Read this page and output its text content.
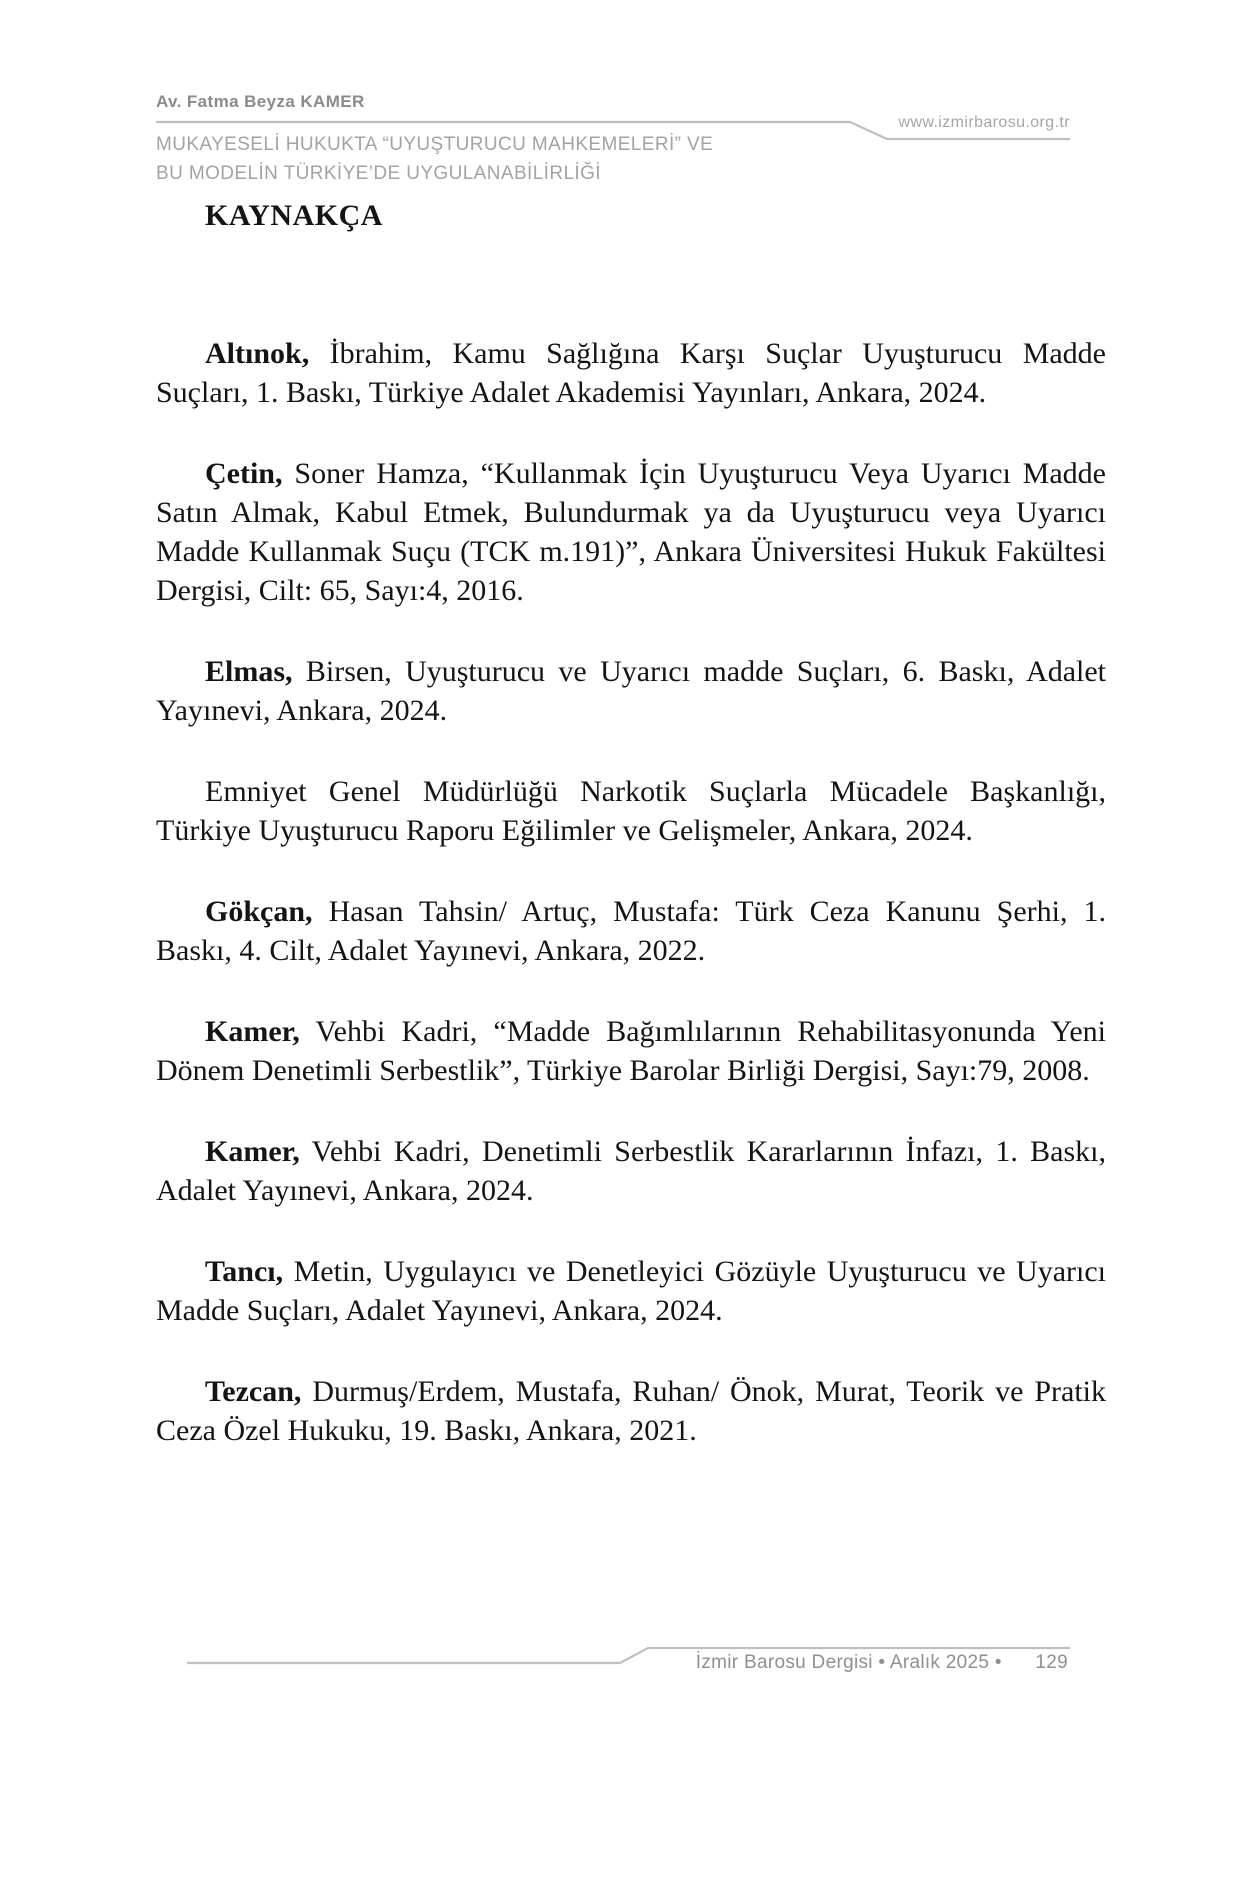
Av. Fatma Beyza KAMER
www.izmirbarosu.org.tr
MUKAYESELİ HUKUKTA “UYUŞTURUCU MAHKEMELERİ” VE
BU MODELİN TÜRKİYE’DE UYGULANABİLİRLİĞİ
KAYNAKÇA

Altınok, İbrahim, Kamu Sağlığına Karşı Suçlar Uyuşturucu Madde Suçları, 1. Baskı, Türkiye Adalet Akademisi Yayınları, Ankara, 2024.

Çetin, Soner Hamza, “Kullanmak İçin Uyuşturucu Veya Uyarıcı Madde Satın Almak, Kabul Etmek, Bulundurmak ya da Uyuşturucu veya Uyarıcı Madde Kullanmak Suçu (TCK m.191)”, Ankara Üniversitesi Hukuk Fakültesi Dergisi, Cilt: 65, Sayı:4, 2016.

Elmas, Birsen, Uyuşturucu ve Uyarıcı madde Suçları, 6. Baskı, Adalet Yayınevi, Ankara, 2024.

Emniyet Genel Müdürlüğü Narkotik Suçlarla Mücadele Başkanlığı, Türkiye Uyuşturucu Raporu Eğilimler ve Gelişmeler, Ankara, 2024.

Gökçan, Hasan Tahsin/ Artuç, Mustafa: Türk Ceza Kanunu Şerhi, 1. Baskı, 4. Cilt, Adalet Yayınevi, Ankara, 2022.

Kamer, Vehbi Kadri, “Madde Bağımlılarının Rehabilitasyonunda Yeni Dönem Denetimli Serbestlik”, Türkiye Barolar Birliği Dergisi, Sayı:79, 2008.

Kamer, Vehbi Kadri, Denetimli Serbestlik Kararlarının İnfazı, 1. Baskı, Adalet Yayınevi, Ankara, 2024.

Tancı, Metin, Uygulayıcı ve Denetleyici Gözüyle Uyuşturucu ve Uyarıcı Madde Suçları, Adalet Yayınevi, Ankara, 2024.

Tezcan, Durmuş/Erdem, Mustafa, Ruhan/ Önok, Murat, Teorik ve Pratik Ceza Özel Hukuku, 19. Baskı, Ankara, 2021.

İzmir Barosu Dergisi • Aralık 2025 • 129
